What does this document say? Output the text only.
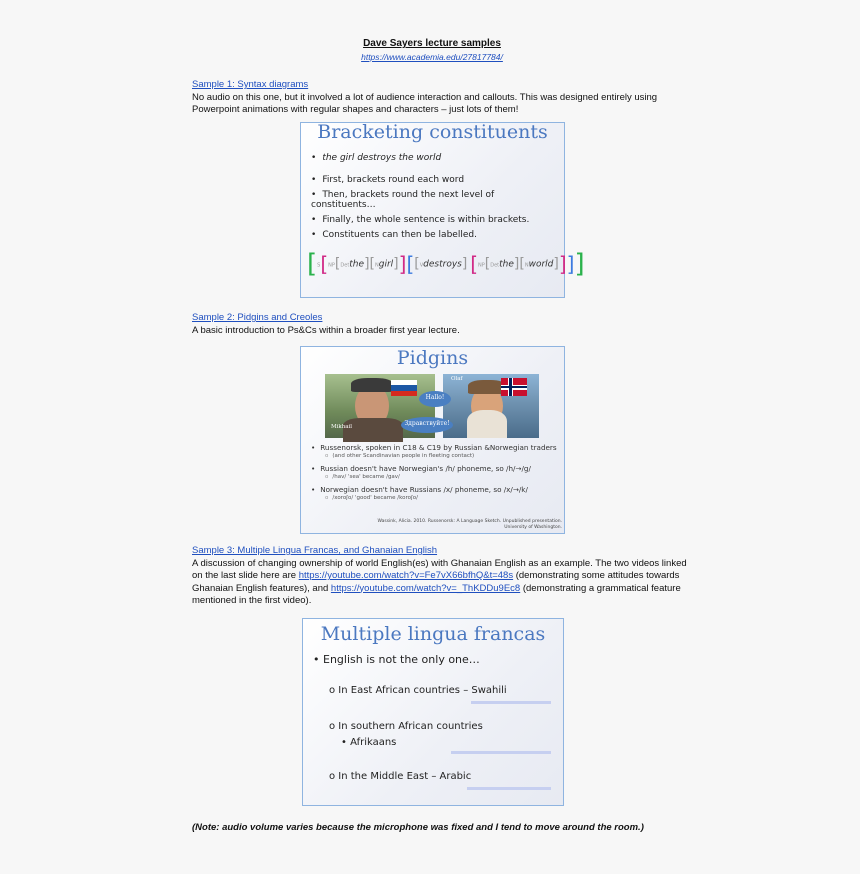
Dave Sayers lecture samples
https://www.academia.edu/27817784/
Sample 1: Syntax diagrams

No audio on this one, but it involved a lot of audience interaction and callouts. This was designed entirely using Powerpoint animations with regular shapes and characters – just lots of them!

Bracketing constituents
• the girl destroys the world
• First, brackets round each word
• Then, brackets round the next level of constituents…
• Finally, the whole sentence is within brackets.
• Constituents can then be labelled.
[S[NP[Detthe][Ngirl]][[Vdestroys] [NP[Detthe][Nworld]]]]
Sample 2: Pidgins and Creoles

A basic introduction to Ps&Cs within a broader first year lecture.

Pidgins
Mikhail
Olaf
Hallo!
Здравствуйте!
• Russenorsk, spoken in C18 & C19 by Russian &Norwegian traders
o (and other Scandinavian people in fleeting contact)
• Russian doesn't have Norwegian's /h/ phoneme, so /h/→/g/
o /hav/ 'sea' became /gav/
• Norwegian doesn't have Russians /x/ phoneme, so /x/→/k/
o /xoroʃo/ 'good' became /koroʃo/
Wassink, Alicia. 2010. Russenorsk: A Language Sketch. Unpublished presentation. University of Washington.
Sample 3: Multiple Lingua Francas, and Ghanaian English

A discussion of changing ownership of world English(es) with Ghanaian English as an example. The two videos linked on the last slide here are https://youtube.com/watch?v=Fe7vX66bfhQ&t=48s (demonstrating some attitudes towards Ghanaian English features), and https://youtube.com/watch?v=_ThKDDu9Ec8 (demonstrating a grammatical feature mentioned in the first video).

Multiple lingua francas
• English is not the only one…
o In East African countries – Swahili
o In southern African countries
• Afrikaans
o In the Middle East – Arabic
(Note: audio volume varies because the microphone was fixed and I tend to move around the room.)
